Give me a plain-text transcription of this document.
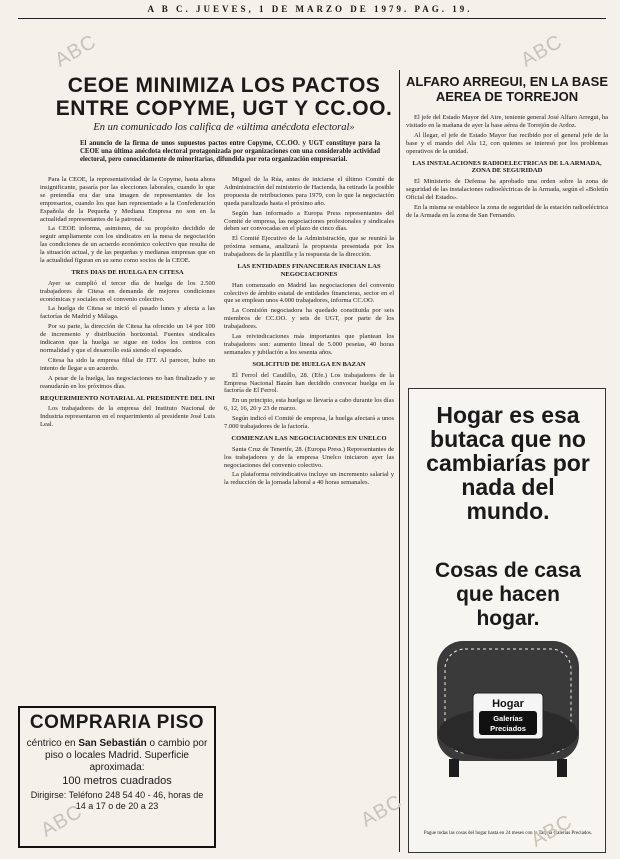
A B C. JUEVES, 1 DE MARZO DE 1979. PAG. 19.
CEOE MINIMIZA LOS PACTOS ENTRE COPYME, UGT Y CC.OO.
En un comunicado los califica de «última anécdota electoral»
El anuncio de la firma de unos supuestos pactos entre Copyme, CC.OO. y UGT constituye para la CEOE una última anécdota electoral protagonizada por organizaciones con una considerable actividad electoral, pero conocidamente de minoritarias, difundida por rota organización empresarial.

Para la CEOE, la representatividad de la Copyme, hasta ahora insignificante, pasaría por las elecciones laborales, cuando lo que se pretendía era dar una imagen de representantes de los empresarios, cuando los que han representado a la Confederación Española de la Pequeña y Mediana Empresa no son en la actualidad representantes de la patronal.

La CEOE informa, asimismo, de su propósito decidido de seguir ampliamente con los sindicatos en la mesa de negociación las condiciones de un acuerdo económico colectivo que resulta de la situación actual, y de las pequeñas y medianas empresas que en la actualidad figuran en su seno como socios de la CEOE.

TRES DIAS DE HUELGA EN CITESA

Ayer se cumplió el tercer día de huelga de los 2.500 trabajadores de Citesa en demanda de mejores condiciones económicas y sociales en el convenio colectivo.

La huelga de Citesa se inició el pasado lunes y afecta a las factorías de Madrid y Málaga.

Por su parte, la dirección de Citesa ha ofrecido un 14 por 100 de incremento y distribución horizontal. Fuentes sindicales indicaron que la huelga se sigue en todos los centros con normalidad y que el desarrollo está siendo el esperado.

Citesa ha sido la empresa filial de ITT. Al parecer, hubo un intento de llegar a un acuerdo.

A pesar de la huelga, las negociaciones no han finalizado y se reanudarán en los próximos días.

REQUERIMIENTO NOTARIAL AL PRESIDENTE DEL INI

Los trabajadores de la empresa del Instituto Nacional de Industria representaron en el requerimiento al presidente José Luis Leal.

Miguel de la Rúa, antes de iniciarse el último Comité de Administración del ministerio de Hacienda, ha retirado la posible propuesta de retribuciones para 1979, con lo que la negociación queda paralizada hasta el próximo año.

Según han informado a Europa Press representantes del Comité de empresa, las negociaciones profesionales y sindicales deben ser convocadas en el plazo de cinco días.

El Comité Ejecutivo de la Administración, que se reunirá la próxima semana, analizará la propuesta presentada por los trabajadores de la plantilla y la respuesta de la dirección.

LAS ENTIDADES FINANCIERAS INICIAN LAS NEGOCIACIONES

Han comenzado en Madrid las negociaciones del convenio colectivo de ámbito estatal de entidades financieras, sector en el que se emplean unos 4.000 trabajadores, informa CC.OO.

La Comisión negociadora ha quedado constituida por seis miembros de CC.OO. y seis de UGT, por parte de los trabajadores.

Las reivindicaciones más importantes que plantean los trabajadores son: aumento lineal de 5.000 pesetas, 40 horas semanales y jubilación a los sesenta años.

SOLICITUD DE HUELGA EN BAZAN

El Ferrol del Caudillo, 28. (Efe.) Los trabajadores de la Empresa Nacional Bazán han decidido convocar huelga en la factoría de El Ferrol.

En un principio, esta huelga se llevaría a cabo durante los días 6, 12, 16, 20 y 23 de marzo.

Según indicó el Comité de empresa, la huelga afectará a unos 7.000 trabajadores de la factoría.

COMIENZAN LAS NEGOCIACIONES EN UNELCO

Santa Cruz de Tenerife, 28. (Europa Press.) Representantes de los trabajadores y de la empresa Unelco iniciaron ayer las negociaciones del convenio colectivo.

La plataforma reivindicativa incluye un incremento salarial y la reducción de la jornada laboral a 40 horas semanales.

ALFARO ARREGUI, EN LA BASE AEREA DE TORREJON

El jefe del Estado Mayor del Aire, teniente general José Alfaro Arregui, ha visitado en la mañana de ayer la base aérea de Torrejón de Ardoz.

Al llegar, el jefe de Estado Mayor fue recibido por el general jefe de la base y el mando del Ala 12, con quienes se interesó por los problemas operativos de la unidad.

LAS INSTALACIONES RADIOELECTRICAS DE LA ARMADA, ZONA DE SEGURIDAD

El Ministerio de Defensa ha aprobado una orden sobre la zona de seguridad de las instalaciones radioeléctricas de la Armada, según el «Boletín Oficial del Estado».

En la misma se establece la zona de seguridad de la estación radioeléctrica de la Armada en la zona de San Fernando.

COMPRARIA PISO
céntrico en San Sebastián o cambio por piso o locales Madrid. Superficie aproximada:
100 metros cuadrados
Dirigirse: Teléfono 248 54 40 - 46, horas de 14 a 17 o de 20 a 23
Hogar es esa butaca que no cambiarías por nada del mundo.
Cosas de casa que hacen hogar.
Hogar
Galerías
Preciados
Pague todas las cosas del hogar hasta en 24 meses con la Tarjeta Galerías Preciados.
ABC	ABC
ABC	ABC
ABC
